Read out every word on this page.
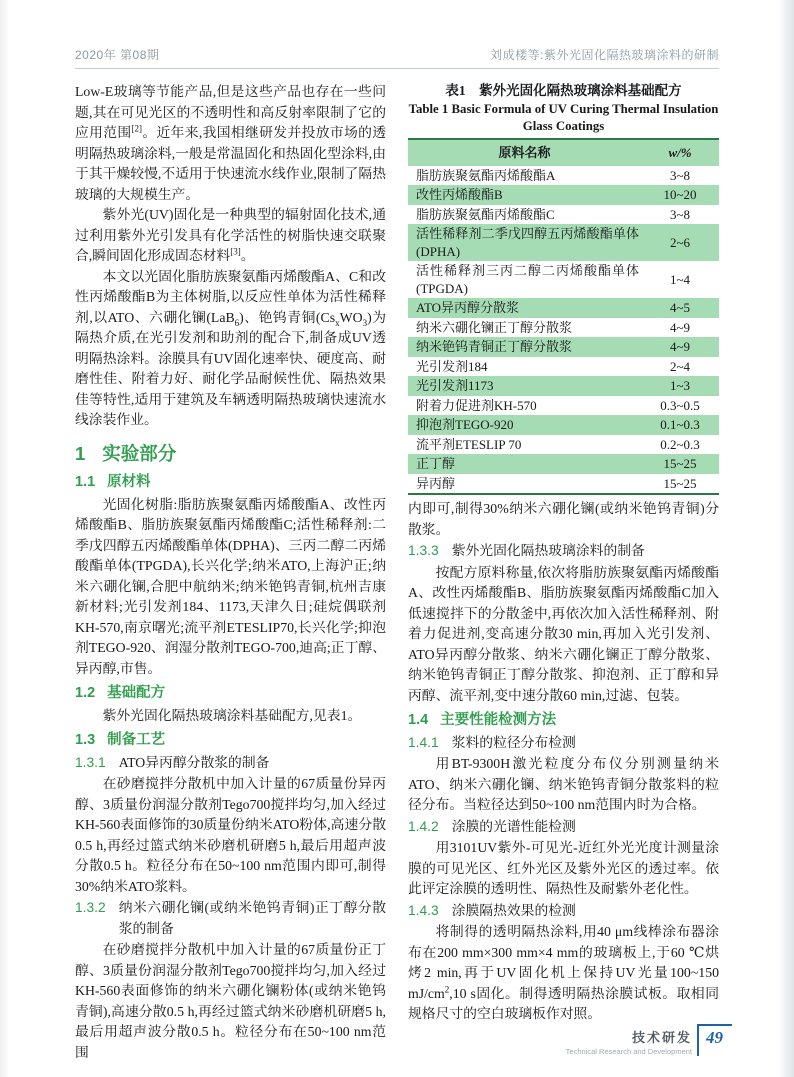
2020年 第08期	刘成楼等:紫外光固化隔热玻璃涂料的研制

Low-E玻璃等节能产品,但是这些产品也存在一些问题,其在可见光区的不透明性和高反射率限制了它的应用范围[2]。近年来,我国相继研发并投放市场的透明隔热玻璃涂料,一般是常温固化和热固化型涂料,由于其干燥较慢,不适用于快速流水线作业,限制了隔热玻璃的大规模生产。

紫外光(UV)固化是一种典型的辐射固化技术,通过利用紫外光引发具有化学活性的树脂快速交联聚合,瞬间固化形成固态材料[3]。

本文以光固化脂肪族聚氨酯丙烯酸酯A、C和改性丙烯酸酯B为主体树脂,以反应性单体为活性稀释剂,以ATO、六硼化镧(LaB$_6$)、铯钨青铜$(Cs_xWO_3)$为隔热介质,在光引发剂和助剂的配合下,制备成UV透明隔热涂料。涂膜具有UV固化速率快、硬度高、耐磨性佳、附着力好、耐化学品耐候性优、隔热效果佳等特性,适用于建筑及车辆透明隔热玻璃快速流水线涂装作业。

1 实验部分
1.1 原材料

光固化树脂:脂肪族聚氨酯丙烯酸酯A、改性丙烯酸酯B、脂肪族聚氨酯丙烯酸酯C;活性稀释剂:二季戊四醇五丙烯酸酯单体(DPHA)、三丙二醇二丙烯酸酯单体(TPGDA),长兴化学;纳米ATO,上海沪正;纳米六硼化镧,合肥中航纳米;纳米铯钨青铜,杭州吉康新材料;光引发剂184、1173,天津久日;硅烷偶联剂KH-570,南京曙光;流平剂ETESLIP70,长兴化学;抑泡剂TEGO-920、润湿分散剂TEGO-700,迪高;正丁醇、异丙醇,市售。

1.2 基础配方

紫外光固化隔热玻璃涂料基础配方,见表1。

1.3 制备工艺
1.3.1 ATO异丙醇分散浆的制备

在砂磨搅拌分散机中加入计量的67质量份异丙醇、3质量份润湿分散剂Tego700搅拌均匀,加入经过KH-560表面修饰的30质量份纳米ATO粉体,高速分散0.5 h,再经过篮式纳米砂磨机研磨5 h,最后用超声波分散0.5 h。粒径分布在50~100 nm范围内即可,制得30%纳米ATO浆料。

1.3.2 纳米六硼化镧(或纳米铯钨青铜)正丁醇分散浆的制备

在砂磨搅拌分散机中加入计量的67质量份正丁醇、3质量份润湿分散剂Tego700搅拌均匀,加入经过KH-560表面修饰的纳米六硼化镧粉体(或纳米铯钨青铜),高速分散0.5 h,再经过篮式纳米砂磨机研磨5 h,最后用超声波分散0.5 h。粒径分布在50~100 nm范围

表1　紫外光固化隔热玻璃涂料基础配方
Table 1 Basic Formula of UV Curing Thermal Insulation Glass Coatings
原料名称	w/%
脂肪族聚氨酯丙烯酸酯A	3~8
改性丙烯酸酯B	10~20
脂肪族聚氨酯丙烯酸酯C	3~8
活性稀释剂二季戊四醇五丙烯酸酯单体(DPHA)	2~6
活性稀释剂三丙二醇二丙烯酸酯单体(TPGDA)	1~4
ATO异丙醇分散浆	4~5
纳米六硼化镧正丁醇分散浆	4~9
纳米铯钨青铜正丁醇分散浆	4~9
光引发剂184	2~4
光引发剂1173	1~3
附着力促进剂KH-570	0.3~0.5
抑泡剂TEGO-920	0.1~0.3
流平剂ETESLIP 70	0.2~0.3
正丁醇	15~25
异丙醇	15~25

内即可,制得30%纳米六硼化镧(或纳米铯钨青铜)分散浆。

1.3.3 紫外光固化隔热玻璃涂料的制备

按配方原料称量,依次将脂肪族聚氨酯丙烯酸酯A、改性丙烯酸酯B、脂肪族聚氨酯丙烯酸酯C加入低速搅拌下的分散釜中,再依次加入活性稀释剂、附着力促进剂,变高速分散30 min,再加入光引发剂、ATO异丙醇分散浆、纳米六硼化镧正丁醇分散浆、纳米铯钨青铜正丁醇分散浆、抑泡剂、正丁醇和异丙醇、流平剂,变中速分散60 min,过滤、包装。

1.4 主要性能检测方法
1.4.1 浆料的粒径分布检测

用BT-9300H激光粒度分布仪分别测量纳米ATO、纳米六硼化镧、纳米铯钨青铜分散浆料的粒径分布。当粒径达到50~100 nm范围内时为合格。

1.4.2 涂膜的光谱性能检测

用3101UV紫外-可见光-近红外光光度计测量涂膜的可见光区、红外光区及紫外光区的透过率。依此评定涂膜的透明性、隔热性及耐紫外老化性。

1.4.3 涂膜隔热效果的检测

将制得的透明隔热涂料,用40 μm线棒涂布器涂布在200 mm×300 mm×4 mm的玻璃板上,于60 ℃烘烤2 min,再于UV固化机上保持UV光量100~150 $mJ/cm^2,10$ s固化。制得透明隔热涂膜试板。取相同规格尺寸的空白玻璃板作对照。

技术研发
Technical Research and Development
49
